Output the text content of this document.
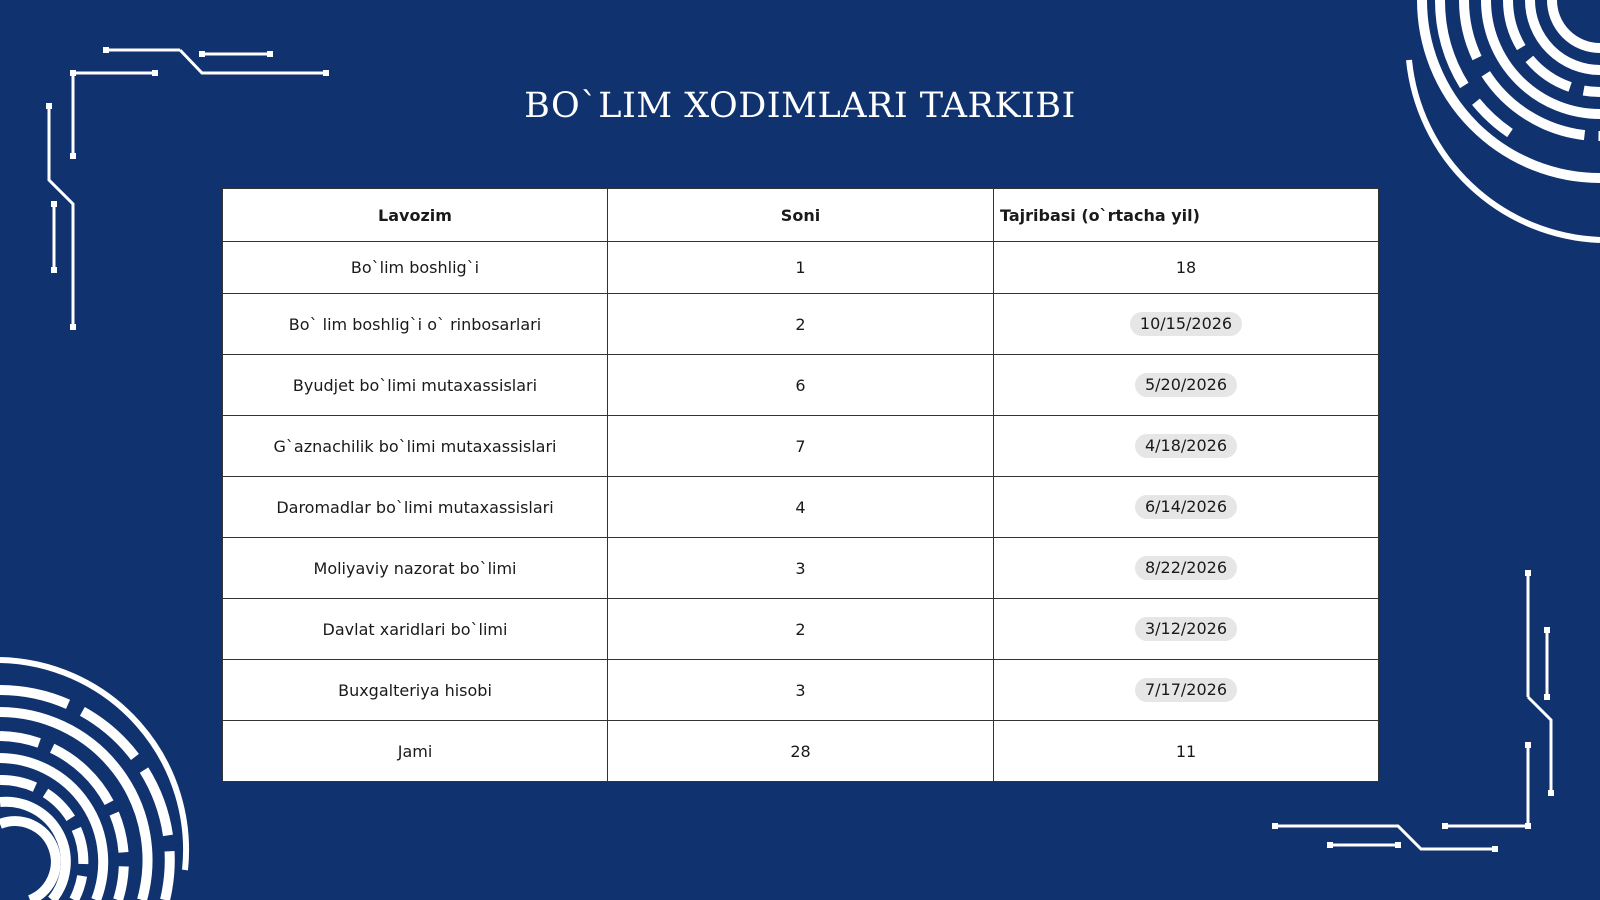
BO`LIM XODIMLARI TARKIBI
Lavozim	Soni	Tajribasi (o`rtacha yil)
Bo`lim boshlig`i	1	18
Bo` lim boshlig`i o` rinbosarlari	2	10/15/2026
Byudjet bo`limi mutaxassislari	6	5/20/2026
G`aznachilik bo`limi mutaxassislari	7	4/18/2026
Daromadlar bo`limi mutaxassislari	4	6/14/2026
Moliyaviy nazorat bo`limi	3	8/22/2026
Davlat xaridlari bo`limi	2	3/12/2026
Buxgalteriya hisobi	3	7/17/2026
Jami	28	11
